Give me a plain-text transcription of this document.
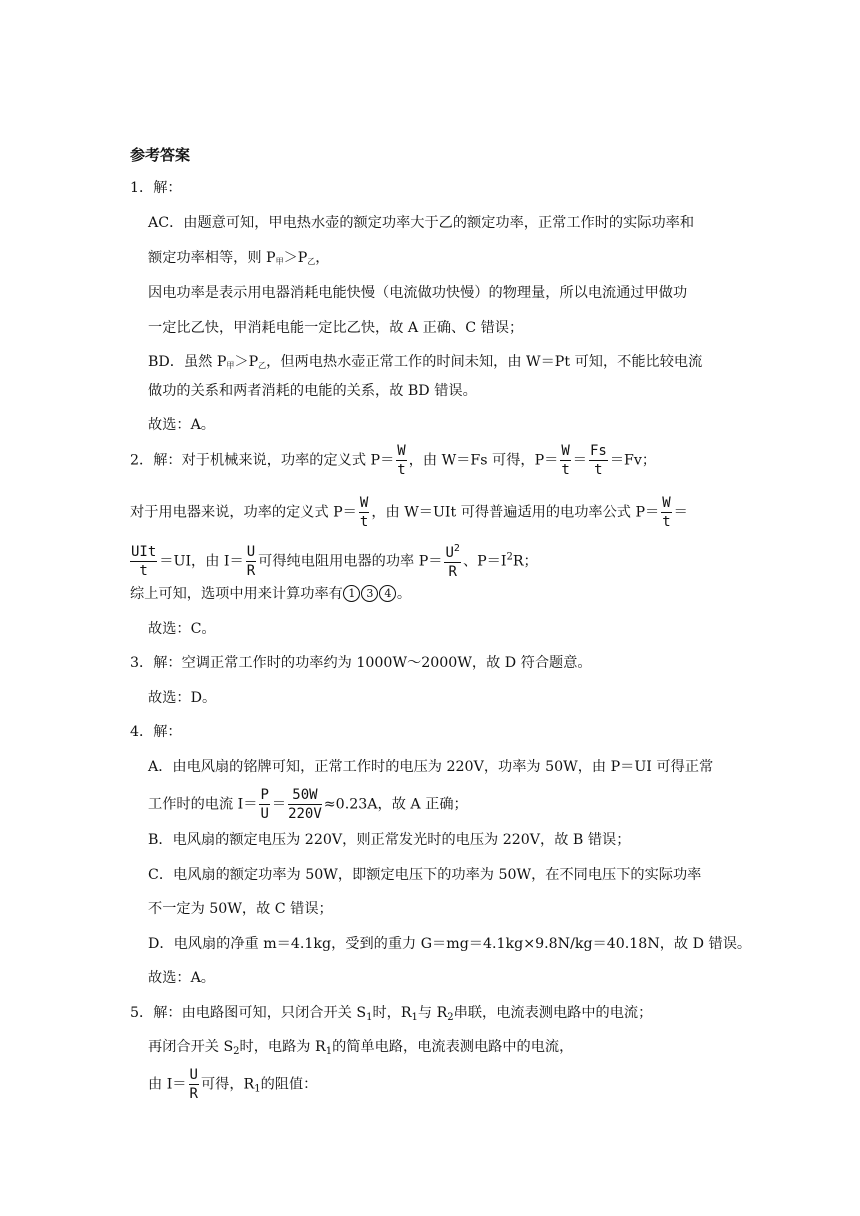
参考答案
1．解：
AC．由题意可知，甲电热水壶的额定功率大于乙的额定功率，正常工作时的实际功率和
额定功率相等，则 $P_甲>P_乙$，
因电功率是表示用电器消耗电能快慢（电流做功快慢）的物理量，所以电流通过甲做功
一定比乙快，甲消耗电能一定比乙快，故 A 正确、C 错误；
BD．虽然 $P_甲>P_乙$，但两电热水壶正常工作的时间未知，由 W＝Pt 可知，不能比较电流
做功的关系和两者消耗的电能的关系，故 BD 错误。
故选：A。
2．解：对于机械来说，功率的定义式 $P= \frac{W}{t}$ ，由 W＝Fs 可得，$P= \frac{W}{t} = \frac{Fs}{t} =Fv$；
对于用电器来说，功率的定义式 $P= \frac{W}{t}$ ，由 W＝UIt 可得普遍适用的电功率公式 $P= \frac{W}{t}$ ＝
$\frac{\text{UIt}}{t} =UI$，由 $I= \frac{U}{R}$ 可得纯电阻用电器的功率 $P= \frac{U^2}{R}$ 、$P=I^2R$；
综上可知，选项中用来计算功率有 1 3 4 。
故选：C。
3．解：空调正常工作时的功率约为 1000W～2000W，故 D 符合题意。
故选：D。
4．解：
A．由电风扇的铭牌可知，正常工作时的电压为 220V，功率为 50W，由 P＝UI 可得正常
工作时的电流 $I= \frac{P}{U} = \frac{50W}{220V} \approx 0.23A$，故 A 正确；
B．电风扇的额定电压为 220V，则正常发光时的电压为 220V，故 B 错误；
C．电风扇的额定功率为 50W，即额定电压下的功率为 50W，在不同电压下的实际功率
不一定为 50W，故 C 错误；
D．电风扇的净重 m＝4.1kg，受到的重力 G＝mg＝4.1kg×9.8N/kg＝40.18N，故 D 错误。
故选：A。
5．解：由电路图可知，只闭合开关 $S_1$时，$R_1$与 $R_2$串联，电流表测电路中的电流；
再闭合开关 $S_2$时，电路为 $R_1$的简单电路，电流表测电路中的电流，
由 $I= \frac{U}{R}$ 可得，$R_1$的阻值：
